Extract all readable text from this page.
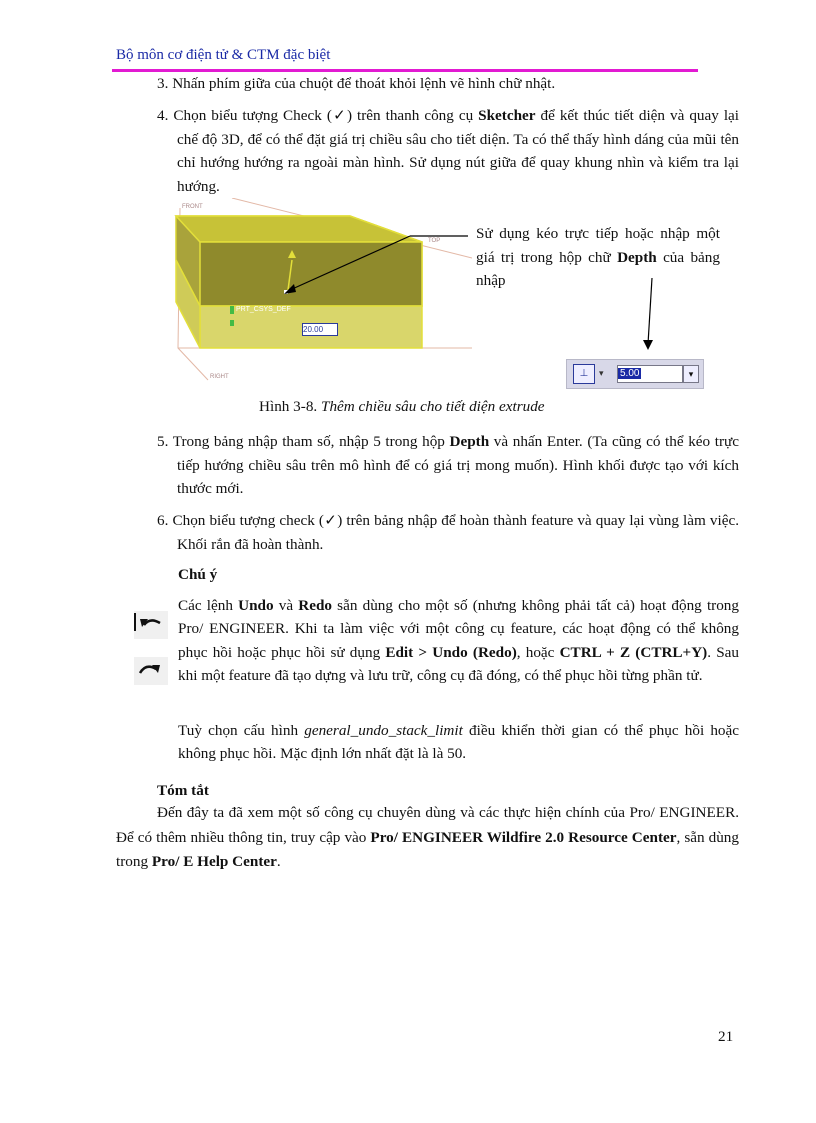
Bộ môn cơ điện tử & CTM đặc biệt
3. Nhấn phím giữa của chuột để thoát khỏi lệnh vẽ hình chữ nhật.
4. Chọn biểu tượng Check (✓) trên thanh công cụ Sketcher để kết thúc tiết diện và quay lại chế độ 3D, để có thể đặt giá trị chiều sâu cho tiết diện. Ta có thể thấy hình dáng của mũi tên chỉ hướng hướng ra ngoài màn hình. Sử dụng nút giữa để quay khung nhìn và kiểm tra lại hướng.
FRONT
TOP
RIGHT
PRT_CSYS_DEF
20.00
Sử dụng kéo trực tiếp hoặc nhập một giá trị trong hộp chữ Depth của bảng nhập
⊥	▾	5.00	▾
Hình 3-8. Thêm chiều sâu cho tiết diện extrude
5. Trong bảng nhập tham số, nhập 5 trong hộp Depth và nhấn Enter. (Ta cũng có thể kéo trực tiếp hướng chiều sâu trên mô hình để có giá trị mong muốn). Hình khối được tạo với kích thước mới.
6. Chọn biểu tượng check (✓) trên bảng nhập để hoàn thành feature và quay lại vùng làm việc. Khối rắn đã hoàn thành.
Chú ý
Các lệnh Undo và Redo sẵn dùng cho một số (nhưng không phải tất cả) hoạt động trong Pro/ ENGINEER. Khi ta làm việc với một công cụ feature, các hoạt động có thể không phục hồi hoặc phục hồi sử dụng Edit > Undo (Redo), hoặc CTRL + Z (CTRL+Y). Sau khi một feature đã tạo dựng và lưu trữ, công cụ đã đóng, có thể phục hồi từng phần tử.
Tuỳ chọn cấu hình general_undo_stack_limit điều khiển thời gian có thể phục hồi hoặc không phục hồi. Mặc định lớn nhất đặt là là 50.
Tóm tắt
Đến đây ta đã xem một số công cụ chuyên dùng và các thực hiện chính của Pro/ ENGINEER. Để có thêm nhiều thông tin, truy cập vào Pro/ ENGINEER Wildfire 2.0 Resource Center, sẵn dùng trong Pro/ E Help Center.
21
